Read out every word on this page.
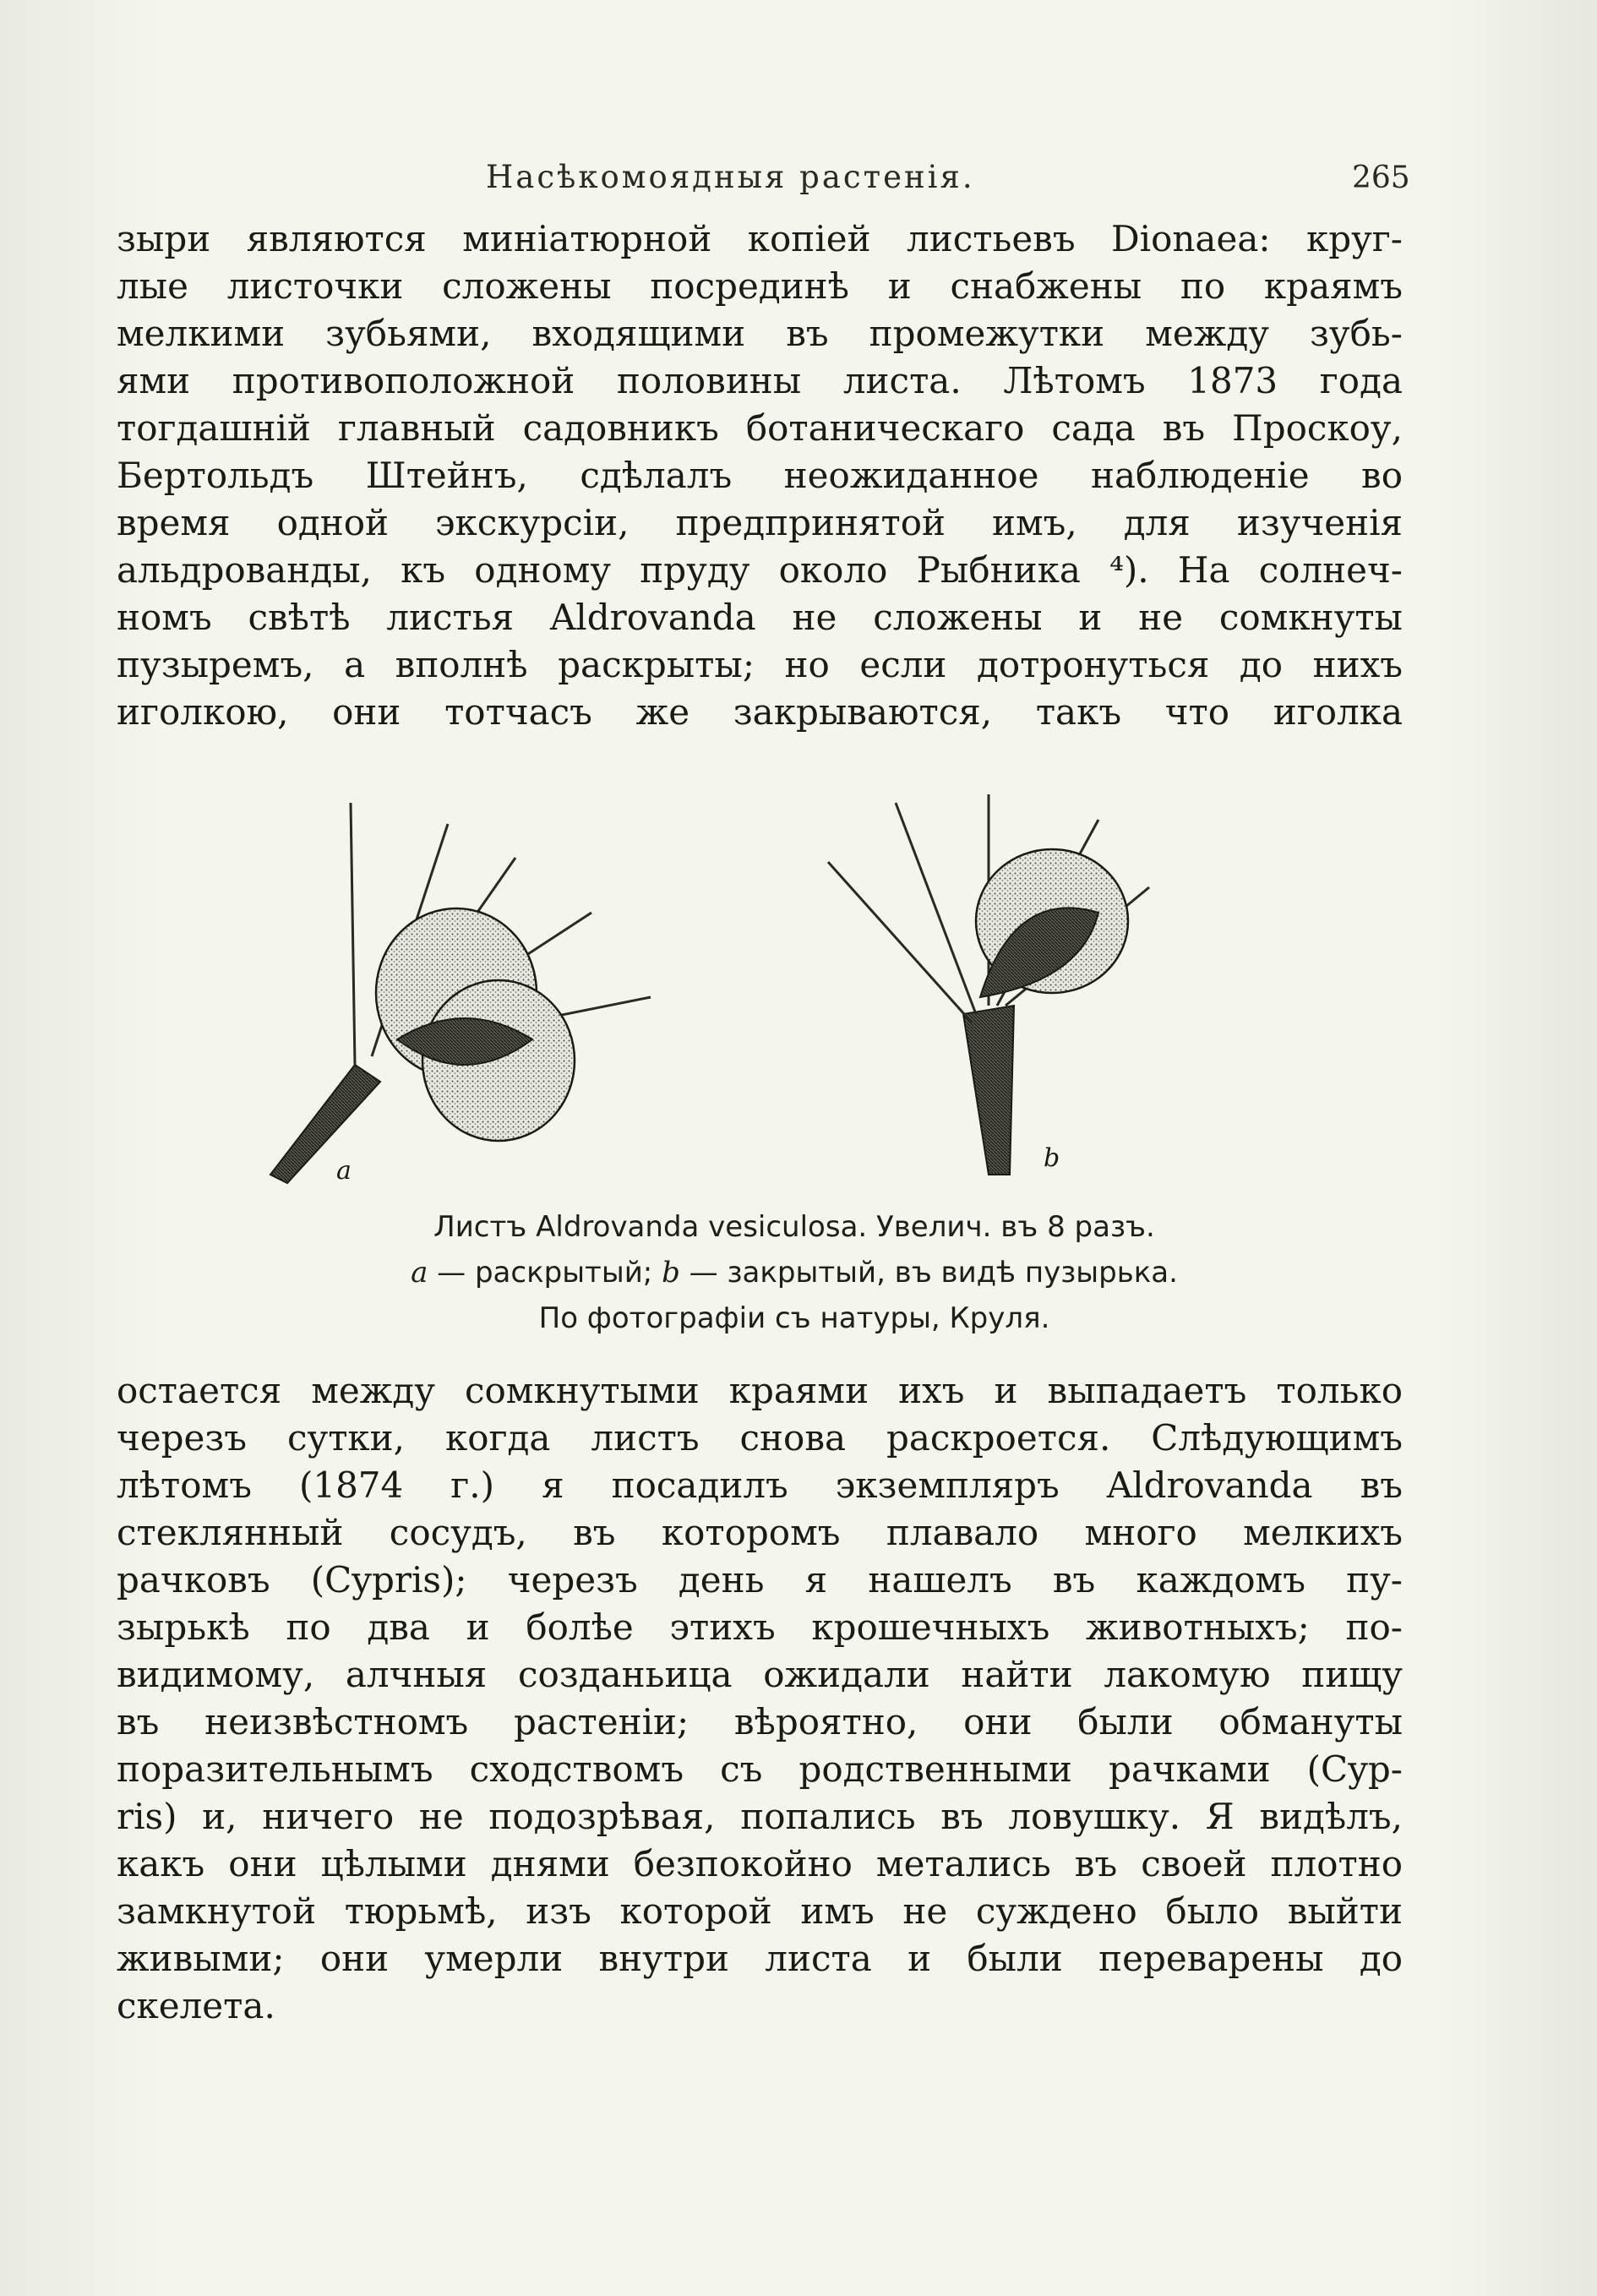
Насѣкомоядныя растенія.	265
зыри являются миніатюрной копіей листьевъ Dionaea: круг-
лые листочки сложены посрединѣ и снабжены по краямъ
мелкими зубьями, входящими въ промежутки между зубь-
ями противоположной половины листа. Лѣтомъ 1873 года
тогдашній главный садовникъ ботаническаго сада въ Проскоу,
Бертольдъ Штейнъ, сдѣлалъ неожиданное наблюденіе во
время одной экскурсіи, предпринятой имъ, для изученія
альдрованды, къ одному пруду около Рыбника ⁴). На солнеч-
номъ свѣтѣ листья Aldrovanda не сложены и не сомкнуты
пузыремъ, а вполнѣ раскрыты; но если дотронуться до нихъ
иголкою, они тотчасъ же закрываются, такъ что иголка
a	b
Листъ Aldrovanda vesiculosa. Увелич. въ 8 разъ.
a — раскрытый; b — закрытый, въ видѣ пузырька.
По фотографіи съ натуры, Круля.
остается между сомкнутыми краями ихъ и выпадаетъ только
черезъ сутки, когда листъ снова раскроется. Слѣдующимъ
лѣтомъ (1874 г.) я посадилъ экземпляръ Aldrovanda въ
стеклянный сосудъ, въ которомъ плавало много мелкихъ
рачковъ (Cypris); черезъ день я нашелъ въ каждомъ пу-
зырькѣ по два и болѣе этихъ крошечныхъ животныхъ; по-
видимому, алчныя созданьица ожидали найти лакомую пищу
въ неизвѣстномъ растеніи; вѣроятно, они были обмануты
поразительнымъ сходствомъ съ родственными рачками (Cyp-
ris) и, ничего не подозрѣвая, попались въ ловушку. Я видѣлъ,
какъ они цѣлыми днями безпокойно метались въ своей плотно
замкнутой тюрьмѣ, изъ которой имъ не суждено было выйти
живыми; они умерли внутри листа и были переварены до
скелета.
